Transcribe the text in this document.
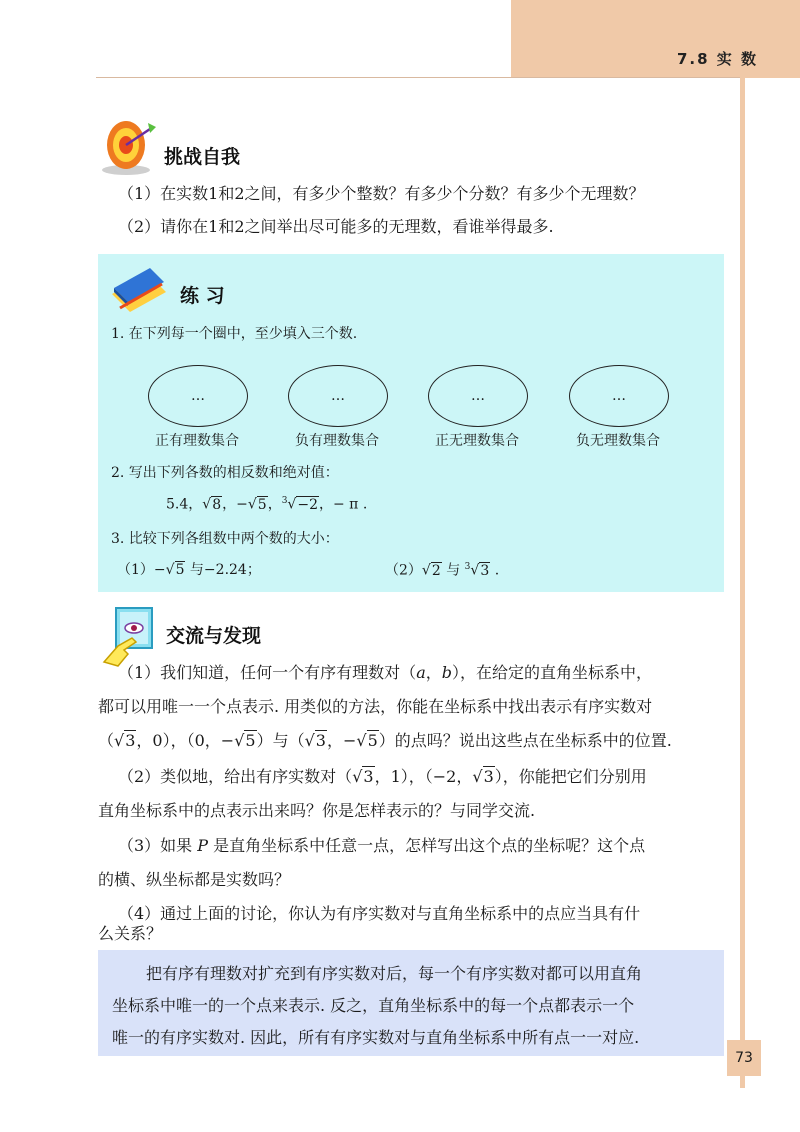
7.8 实 数
挑战自我
（1）在实数1和2之间，有多少个整数？有多少个分数？有多少个无理数？
（2）请你在1和2之间举出尽可能多的无理数，看谁举得最多.
练 习
1. 在下列每一个圈中，至少填入三个数.
…	…	…	…
正有理数集合	负有理数集合	正无理数集合	负无理数集合
2. 写出下列各数的相反数和绝对值：
5.4，√8，−√5，$^3$√−2，− π .
3. 比较下列各组数中两个数的大小：
（1）−√5 与−2.24；	（2）√2 与 $^3$√3 .
交流与发现
（1）我们知道，任何一个有序有理数对（a，b），在给定的直角坐标系中，
都可以用唯一一个点表示. 用类似的方法，你能在坐标系中找出表示有序实数对
（√3，0），（0，−√5）与（√3，−√5）的点吗？说出这些点在坐标系中的位置.
（2）类似地，给出有序实数对（√3，1），（−2，√3），你能把它们分别用
直角坐标系中的点表示出来吗？你是怎样表示的？与同学交流.
（3）如果 P 是直角坐标系中任意一点，怎样写出这个点的坐标呢？这个点
的横、纵坐标都是实数吗？
（4）通过上面的讨论，你认为有序实数对与直角坐标系中的点应当具有什
么关系？
把有序有理数对扩充到有序实数对后，每一个有序实数对都可以用直角
坐标系中唯一的一个点来表示. 反之，直角坐标系中的每一个点都表示一个
唯一的有序实数对. 因此，所有有序实数对与直角坐标系中所有点一一对应.
73
